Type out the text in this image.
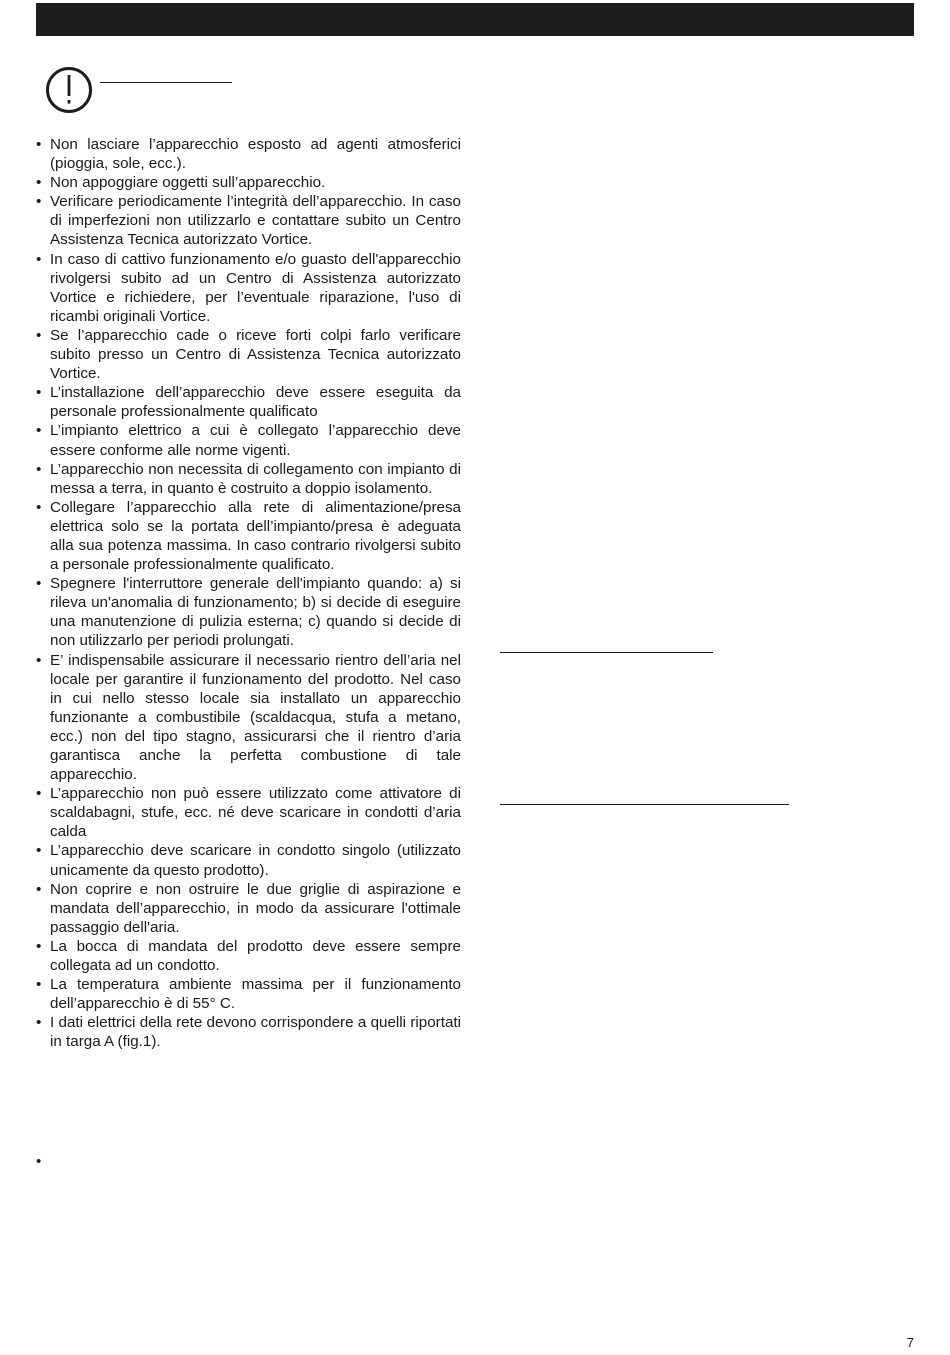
• Non lasciare l’apparecchio esposto ad agenti atmosferici (pioggia, sole, ecc.).
• Non appoggiare oggetti sull’apparecchio.
• Verificare periodicamente l’integrità dell’apparecchio. In caso di imperfezioni non utilizzarlo e contattare subito un Centro Assistenza Tecnica autorizzato Vortice.
• In caso di cattivo funzionamento e/o guasto dell'apparecchio rivolgersi subito ad un Centro di Assistenza autorizzato Vortice e richiedere, per l’eventuale riparazione, l'uso di ricambi originali Vortice.
• Se l’apparecchio cade o riceve forti colpi farlo verificare subito presso un Centro di Assistenza Tecnica autorizzato Vortice.
• L’installazione dell’apparecchio deve essere eseguita da personale professionalmente qualificato
• L’impianto elettrico a cui è collegato l’apparecchio deve essere conforme alle norme vigenti.
• L’apparecchio non necessita di collegamento con impianto di messa a terra, in quanto è costruito a doppio isolamento.
• Collegare l’apparecchio alla rete di alimentazione/presa elettrica solo se la portata dell’impianto/presa è adeguata alla sua potenza massima. In caso contrario rivolgersi subito a personale professionalmente qualificato.
• Spegnere l'interruttore generale dell'impianto quando: a) si rileva un'anomalia di funzionamento; b) si decide di eseguire una manutenzione di pulizia esterna; c) quando si decide di non utilizzarlo per periodi prolungati.
• E’ indispensabile assicurare il necessario rientro dell’aria nel locale per garantire il funzionamento del prodotto. Nel caso in cui nello stesso locale sia installato un apparecchio funzionante a combustibile (scaldacqua, stufa a metano, ecc.) non del tipo stagno, assicurarsi che il rientro d’aria garantisca anche la perfetta combustione di tale apparecchio.
• L’apparecchio non può essere utilizzato come attivatore di scaldabagni, stufe, ecc. né deve scaricare in condotti d’aria calda
• L’apparecchio deve scaricare in condotto singolo (utilizzato unicamente da questo prodotto).
• Non coprire e non ostruire le due griglie di aspirazione e mandata dell’apparecchio, in modo da assicurare l'ottimale passaggio dell'aria.
• La bocca di mandata del prodotto deve essere sempre collegata ad un condotto.
• La temperatura ambiente massima per il funzionamento dell’apparecchio è di 55° C.
• I dati elettrici della rete devono corrispondere a quelli riportati in targa A (fig.1).
•
7
